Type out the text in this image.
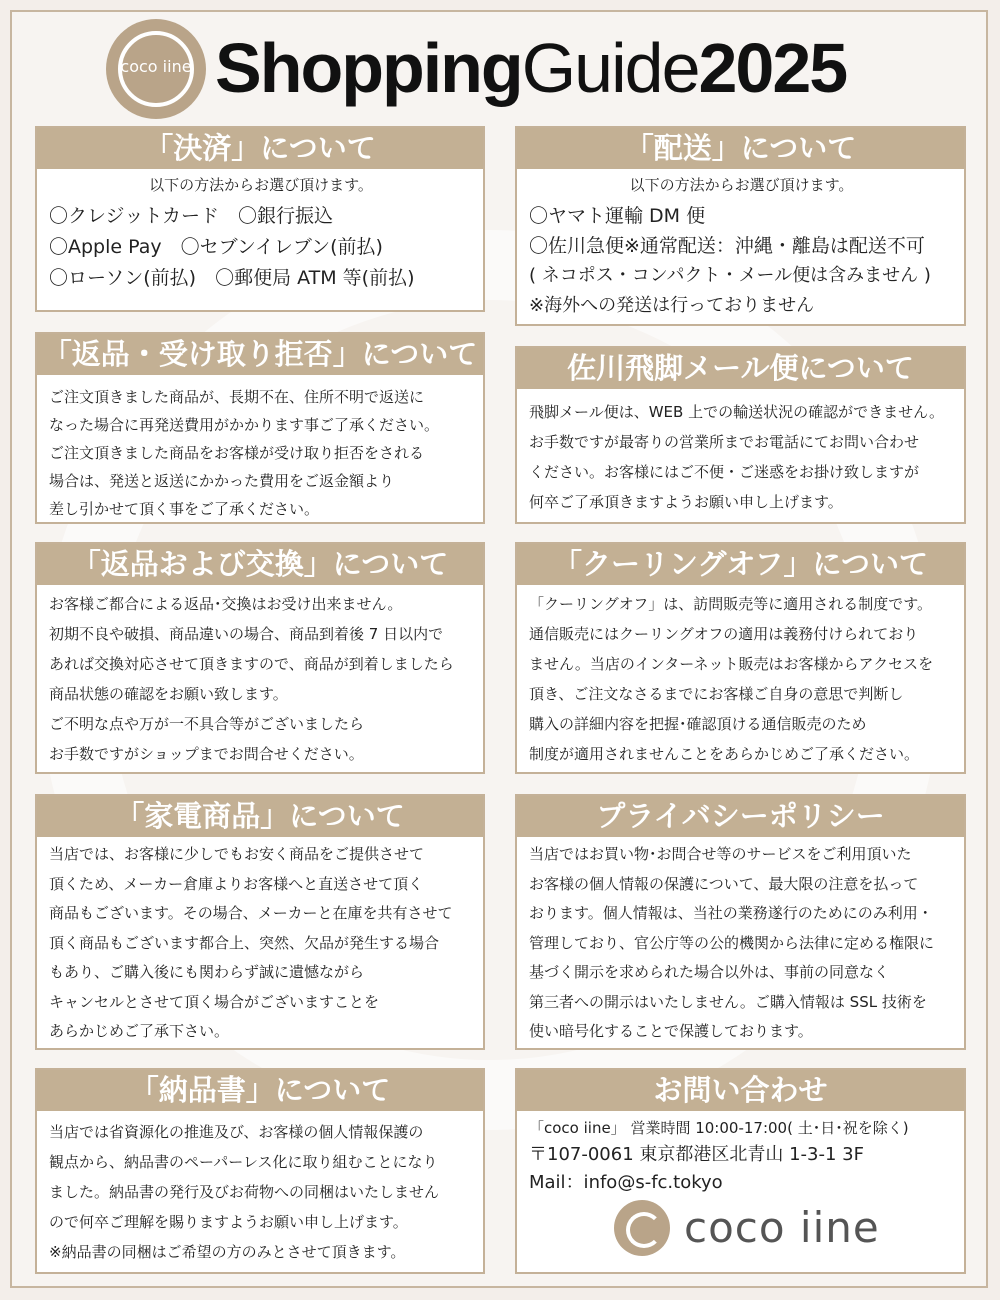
coco iine ShoppingGuide2025
「決済」について

以下の方法からお選び頂けます。

〇クレジットカード　〇銀行振込

〇Apple Pay　〇セブンイレブン(前払)

〇ローソン(前払)　〇郵便局 ATM 等(前払)

「配送」について

以下の方法からお選び頂けます。

〇ヤマト運輸 DM 便

〇佐川急便※通常配送：沖縄・離島は配送不可

( ネコポス・コンパクト・メール便は含みません )

※海外への発送は行っておりません

「返品・受け取り拒否」について

ご注文頂きました商品が、長期不在、住所不明で返送に

なった場合に再発送費用がかかります事ご了承ください。

ご注文頂きました商品をお客様が受け取り拒否をされる

場合は、発送と返送にかかった費用をご返金額より

差し引かせて頂く事をご了承ください。

佐川飛脚メール便について

飛脚メール便は、WEB 上での輸送状況の確認ができません。

お手数ですが最寄りの営業所までお電話にてお問い合わせ

ください。お客様にはご不便・ご迷惑をお掛け致しますが

何卒ご了承頂きますようお願い申し上げます。

「返品および交換」について

お客様ご都合による返品･交換はお受け出来ません。

初期不良や破損、商品違いの場合、商品到着後 7 日以内で

あれば交換対応させて頂きますので、商品が到着しましたら

商品状態の確認をお願い致します。

ご不明な点や万が一不具合等がございましたら

お手数ですがショップまでお問合せください。

「クーリングオフ」について

「クーリングオフ」は、訪問販売等に適用される制度です。

通信販売にはクーリングオフの適用は義務付けられており

ません。当店のインターネット販売はお客様からアクセスを

頂き、ご注文なさるまでにお客様ご自身の意思で判断し

購入の詳細内容を把握･確認頂ける通信販売のため

制度が適用されませんことをあらかじめご了承ください。

「家電商品」について

当店では、お客様に少しでもお安く商品をご提供させて

頂くため、メーカー倉庫よりお客様へと直送させて頂く

商品もございます。その場合、メーカーと在庫を共有させて

頂く商品もございます都合上、突然、欠品が発生する場合

もあり、ご購入後にも関わらず誠に遺憾ながら

キャンセルとさせて頂く場合がございますことを

あらかじめご了承下さい。

プライバシーポリシー

当店ではお買い物･お問合せ等のサービスをご利用頂いた

お客様の個人情報の保護について、最大限の注意を払って

おります。個人情報は、当社の業務遂行のためにのみ利用・

管理しており、官公庁等の公的機関から法律に定める権限に

基づく開示を求められた場合以外は、事前の同意なく

第三者への開示はいたしません。ご購入情報は SSL 技術を

使い暗号化することで保護しております。

「納品書」について

当店では省資源化の推進及び、お客様の個人情報保護の

観点から、納品書のペーパーレス化に取り組むことになり

ました。納品書の発行及びお荷物への同梱はいたしません

ので何卒ご理解を賜りますようお願い申し上げます。

※納品書の同梱はご希望の方のみとさせて頂きます。

お問い合わせ

「coco iine」 営業時間 10:00-17:00( 土･日･祝を除く)

〒107-0061 東京都港区北青山 1-3-1 3F

Mail：info@s-fc.tokyo

coco iine
